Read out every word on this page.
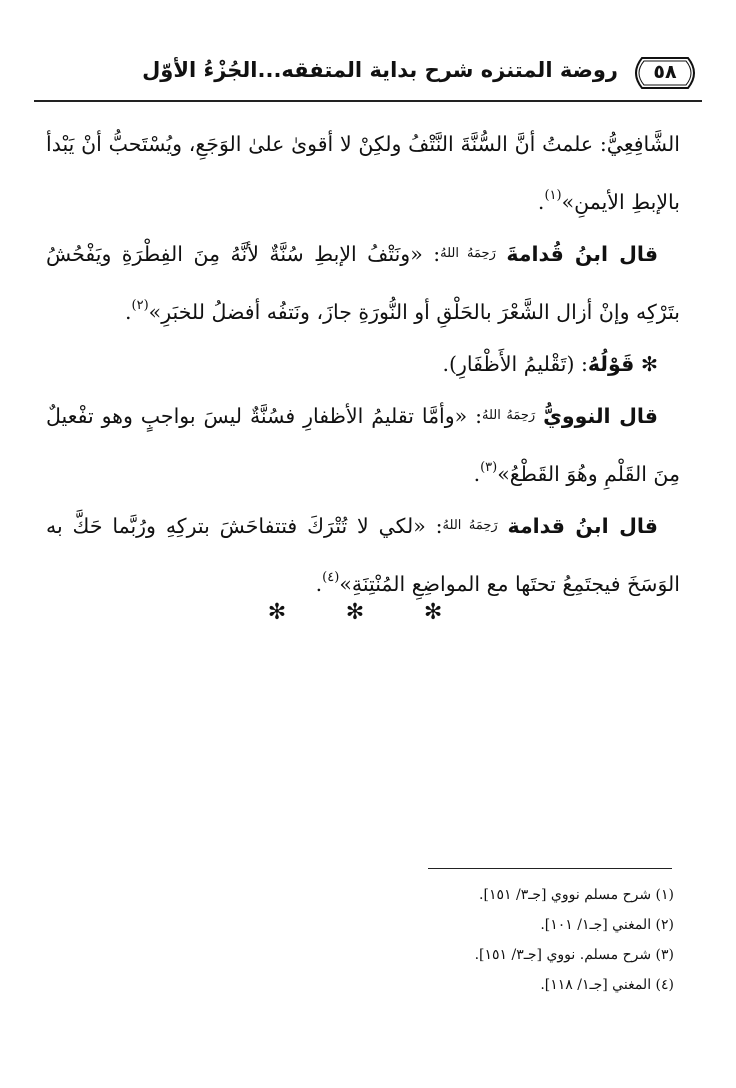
٥٨
روضة المتنزه شرح بداية المتفقه...الجُزْءُ الأوّل

الشَّافِعِيُّ: علمتُ أنَّ السُّنَّةَ النَّتْفُ ولكِنْ لا أقوىٰ علىٰ الوَجَعِ، ويُسْتَحبُّ أنْ يَبْدأ بالإبطِ الأيمنِ»$^{(١)}$.

قال ابنُ قُدامةَ رَحِمَهُ اللهُ: «ونَتْفُ الإبطِ سُنَّةٌ لأنَّهُ مِنَ الفِطْرَةِ ويَفْحُشُ بتَرْكِه وإنْ أزال الشَّعْرَ بالحَلْقِ أو النُّورَةِ جازَ، ونَتفُه أفضلُ للخبَرِ»$^{(٢)}$.

✻ قَوْلُهُ: (تَقْليمُ الأَظْفَارِ).

قال النوويُّ رَحِمَهُ اللهُ: «وأمَّا تقليمُ الأظفارِ فسُنَّةٌ ليسَ بواجبٍ وهو تفْعيلٌ مِنَ القَلْمِ وهُوَ القَطْعُ»$^{(٣)}$.

قال ابنُ قدامة رَحِمَهُ اللهُ: «لكي لا تُتْرَكَ فتتفاحَشَ بتركِهِ ورُبَّما حَكَّ به الوَسَخَ فيجتَمِعُ تحتَها مع المواضِعِ المُنْتِنَةِ»$^{(٤)}$.

✻ ✻ ✻
(١) شرح مسلم نووي [جـ٣/ ١٥١].
(٢) المغني [جـ١/ ١٠١].
(٣) شرح مسلم. نووي [جـ٣/ ١٥١].
(٤) المغني [جـ١/ ١١٨].
